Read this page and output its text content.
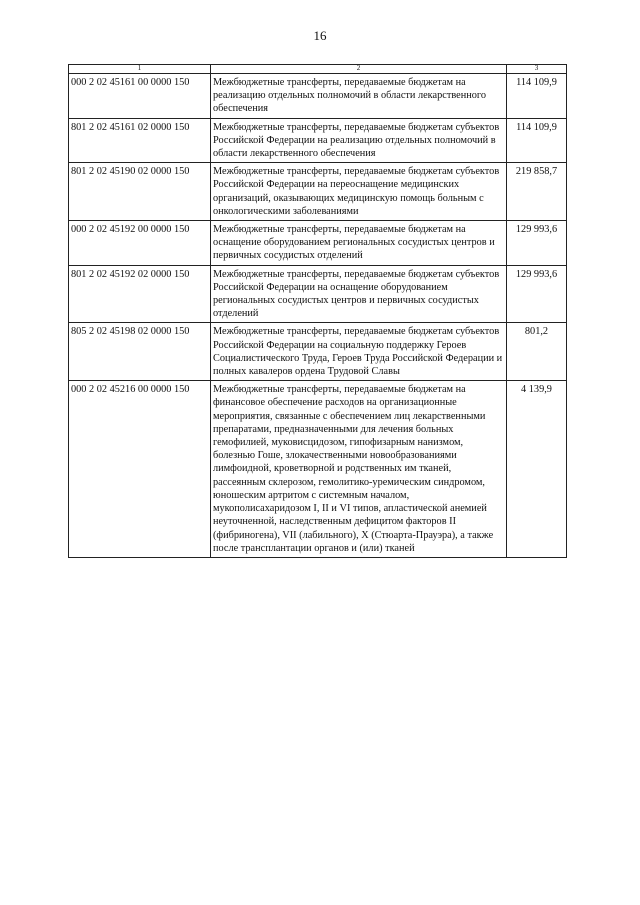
16
1	2	3
000 2 02 45161 00 0000 150	Межбюджетные трансферты, передаваемые бюджетам на реализацию отдельных полномочий в области лекарственного обеспечения	114 109,9
801 2 02 45161 02 0000 150	Межбюджетные трансферты, передаваемые бюджетам субъектов Российской Федерации на реализацию отдельных полномочий в области лекарственного обеспечения	114 109,9
801 2 02 45190 02 0000 150	Межбюджетные трансферты, передаваемые бюджетам субъектов Российской Федерации на переоснащение медицинских организаций, оказывающих медицинскую помощь больным с онкологическими заболеваниями	219 858,7
000 2 02 45192 00 0000 150	Межбюджетные трансферты, передаваемые бюджетам на оснащение оборудованием региональных сосудистых центров и первичных сосудистых отделений	129 993,6
801 2 02 45192 02 0000 150	Межбюджетные трансферты, передаваемые бюджетам субъектов Российской Федерации на оснащение оборудованием региональных сосудистых центров и первичных сосудистых отделений	129 993,6
805 2 02 45198 02 0000 150	Межбюджетные трансферты, передаваемые бюджетам субъектов Российской Федерации на социальную поддержку Героев Социалистического Труда, Героев Труда Российской Федерации и полных кавалеров ордена Трудовой Славы	801,2
000 2 02 45216 00 0000 150	Межбюджетные трансферты, передаваемые бюджетам на финансовое обеспечение расходов на организационные мероприятия, связанные с обеспечением лиц лекарственными препаратами, предназначенными для лечения больных гемофилией, муковисцидозом, гипофизарным нанизмом, болезнью Гоше, злокачественными новообразованиями лимфоидной, кроветворной и родственных им тканей, рассеянным склерозом, гемолитико-уремическим синдромом, юношеским артритом с системным началом, мукополисахаридозом I, II и VI типов, апластической анемией неуточненной, наследственным дефицитом факторов II (фибриногена), VII (лабильного), X (Стюарта-Прауэра), а также после трансплантации органов и (или) тканей	4 139,9
